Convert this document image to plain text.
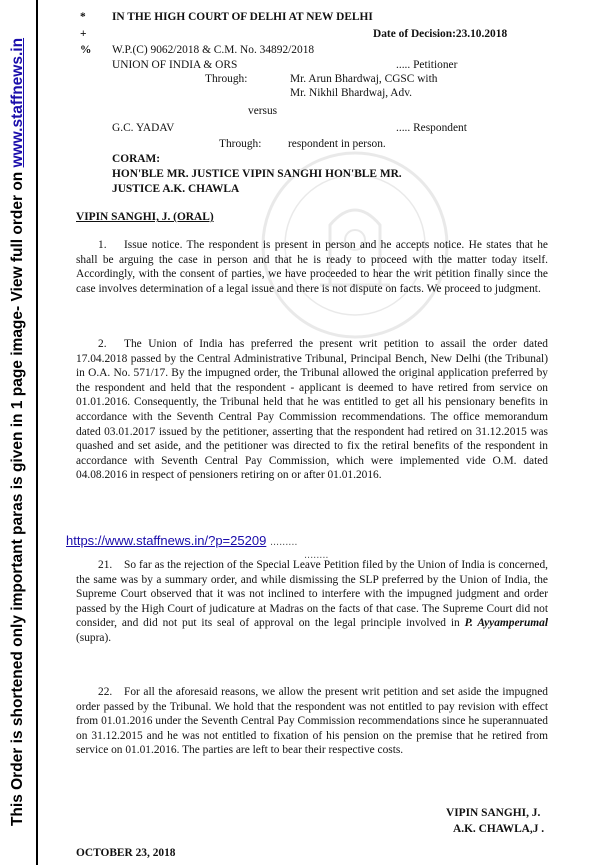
This Order is shortened only important paras is given in 1 page image- View full order on www.staffnews.in
* IN THE HIGH COURT OF DELHI AT NEW DELHI
+	Date of Decision:23.10.2018
% W.P.(C) 9062/2018 & C.M. No. 34892/2018
UNION OF INDIA & ORS	..... Petitioner
Through:	Mr. Arun Bhardwaj, CGSC with
Mr. Nikhil Bhardwaj, Adv.
versus
G.C. YADAV	..... Respondent
Through: respondent in person.
CORAM:
HON'BLE MR. JUSTICE VIPIN SANGHI HON'BLE MR.
JUSTICE A.K. CHAWLA
VIPIN SANGHI, J. (ORAL)
1. Issue notice. The respondent is present in person and he accepts notice. He states that he shall be arguing the case in person and that he is ready to proceed with the matter today itself. Accordingly, with the consent of parties, we have proceeded to hear the writ petition finally since the case involves determination of a legal issue and there is not dispute on facts. We proceed to judgment.
2. The Union of India has preferred the present writ petition to assail the order dated 17.04.2018 passed by the Central Administrative Tribunal, Principal Bench, New Delhi (the Tribunal) in O.A. No. 571/17. By the impugned order, the Tribunal allowed the original application preferred by the respondent and held that the respondent - applicant is deemed to have retired from service on 01.01.2016. Consequently, the Tribunal held that he was entitled to get all his pensionary benefits in accordance with the Seventh Central Pay Commission recommendations. The office memorandum dated 03.01.2017 issued by the petitioner, asserting that the respondent had retired on 31.12.2015 was quashed and set aside, and the petitioner was directed to fix the retiral benefits of the respondent in accordance with Seventh Central Pay Commission, which were implemented vide O.M. dated 04.08.2016 in respect of pensioners retiring on or after 01.01.2016.
21. So far as the rejection of the Special Leave Petition filed by the Union of India is concerned, the same was by a summary order, and while dismissing the SLP preferred by the Union of India, the Supreme Court observed that it was not inclined to interfere with the impugned judgment and order passed by the High Court of judicature at Madras on the facts of that case. The Supreme Court did not consider, and did not put its seal of approval on the legal principle involved in P. Ayyamperumal (supra).
22. For all the aforesaid reasons, we allow the present writ petition and set aside the impugned order passed by the Tribunal. We hold that the respondent was not entitled to pay revision with effect from 01.01.2016 under the Seventh Central Pay Commission recommendations since he superannuated on 31.12.2015 and he was not entitled to fixation of his pension on the premise that he retired from service on 01.01.2016. The parties are left to bear their respective costs.
VIPIN SANGHI, J.
A.K. CHAWLA,J .
OCTOBER 23, 2018
https://www.staffnews.in/?p=25209 .........
........
